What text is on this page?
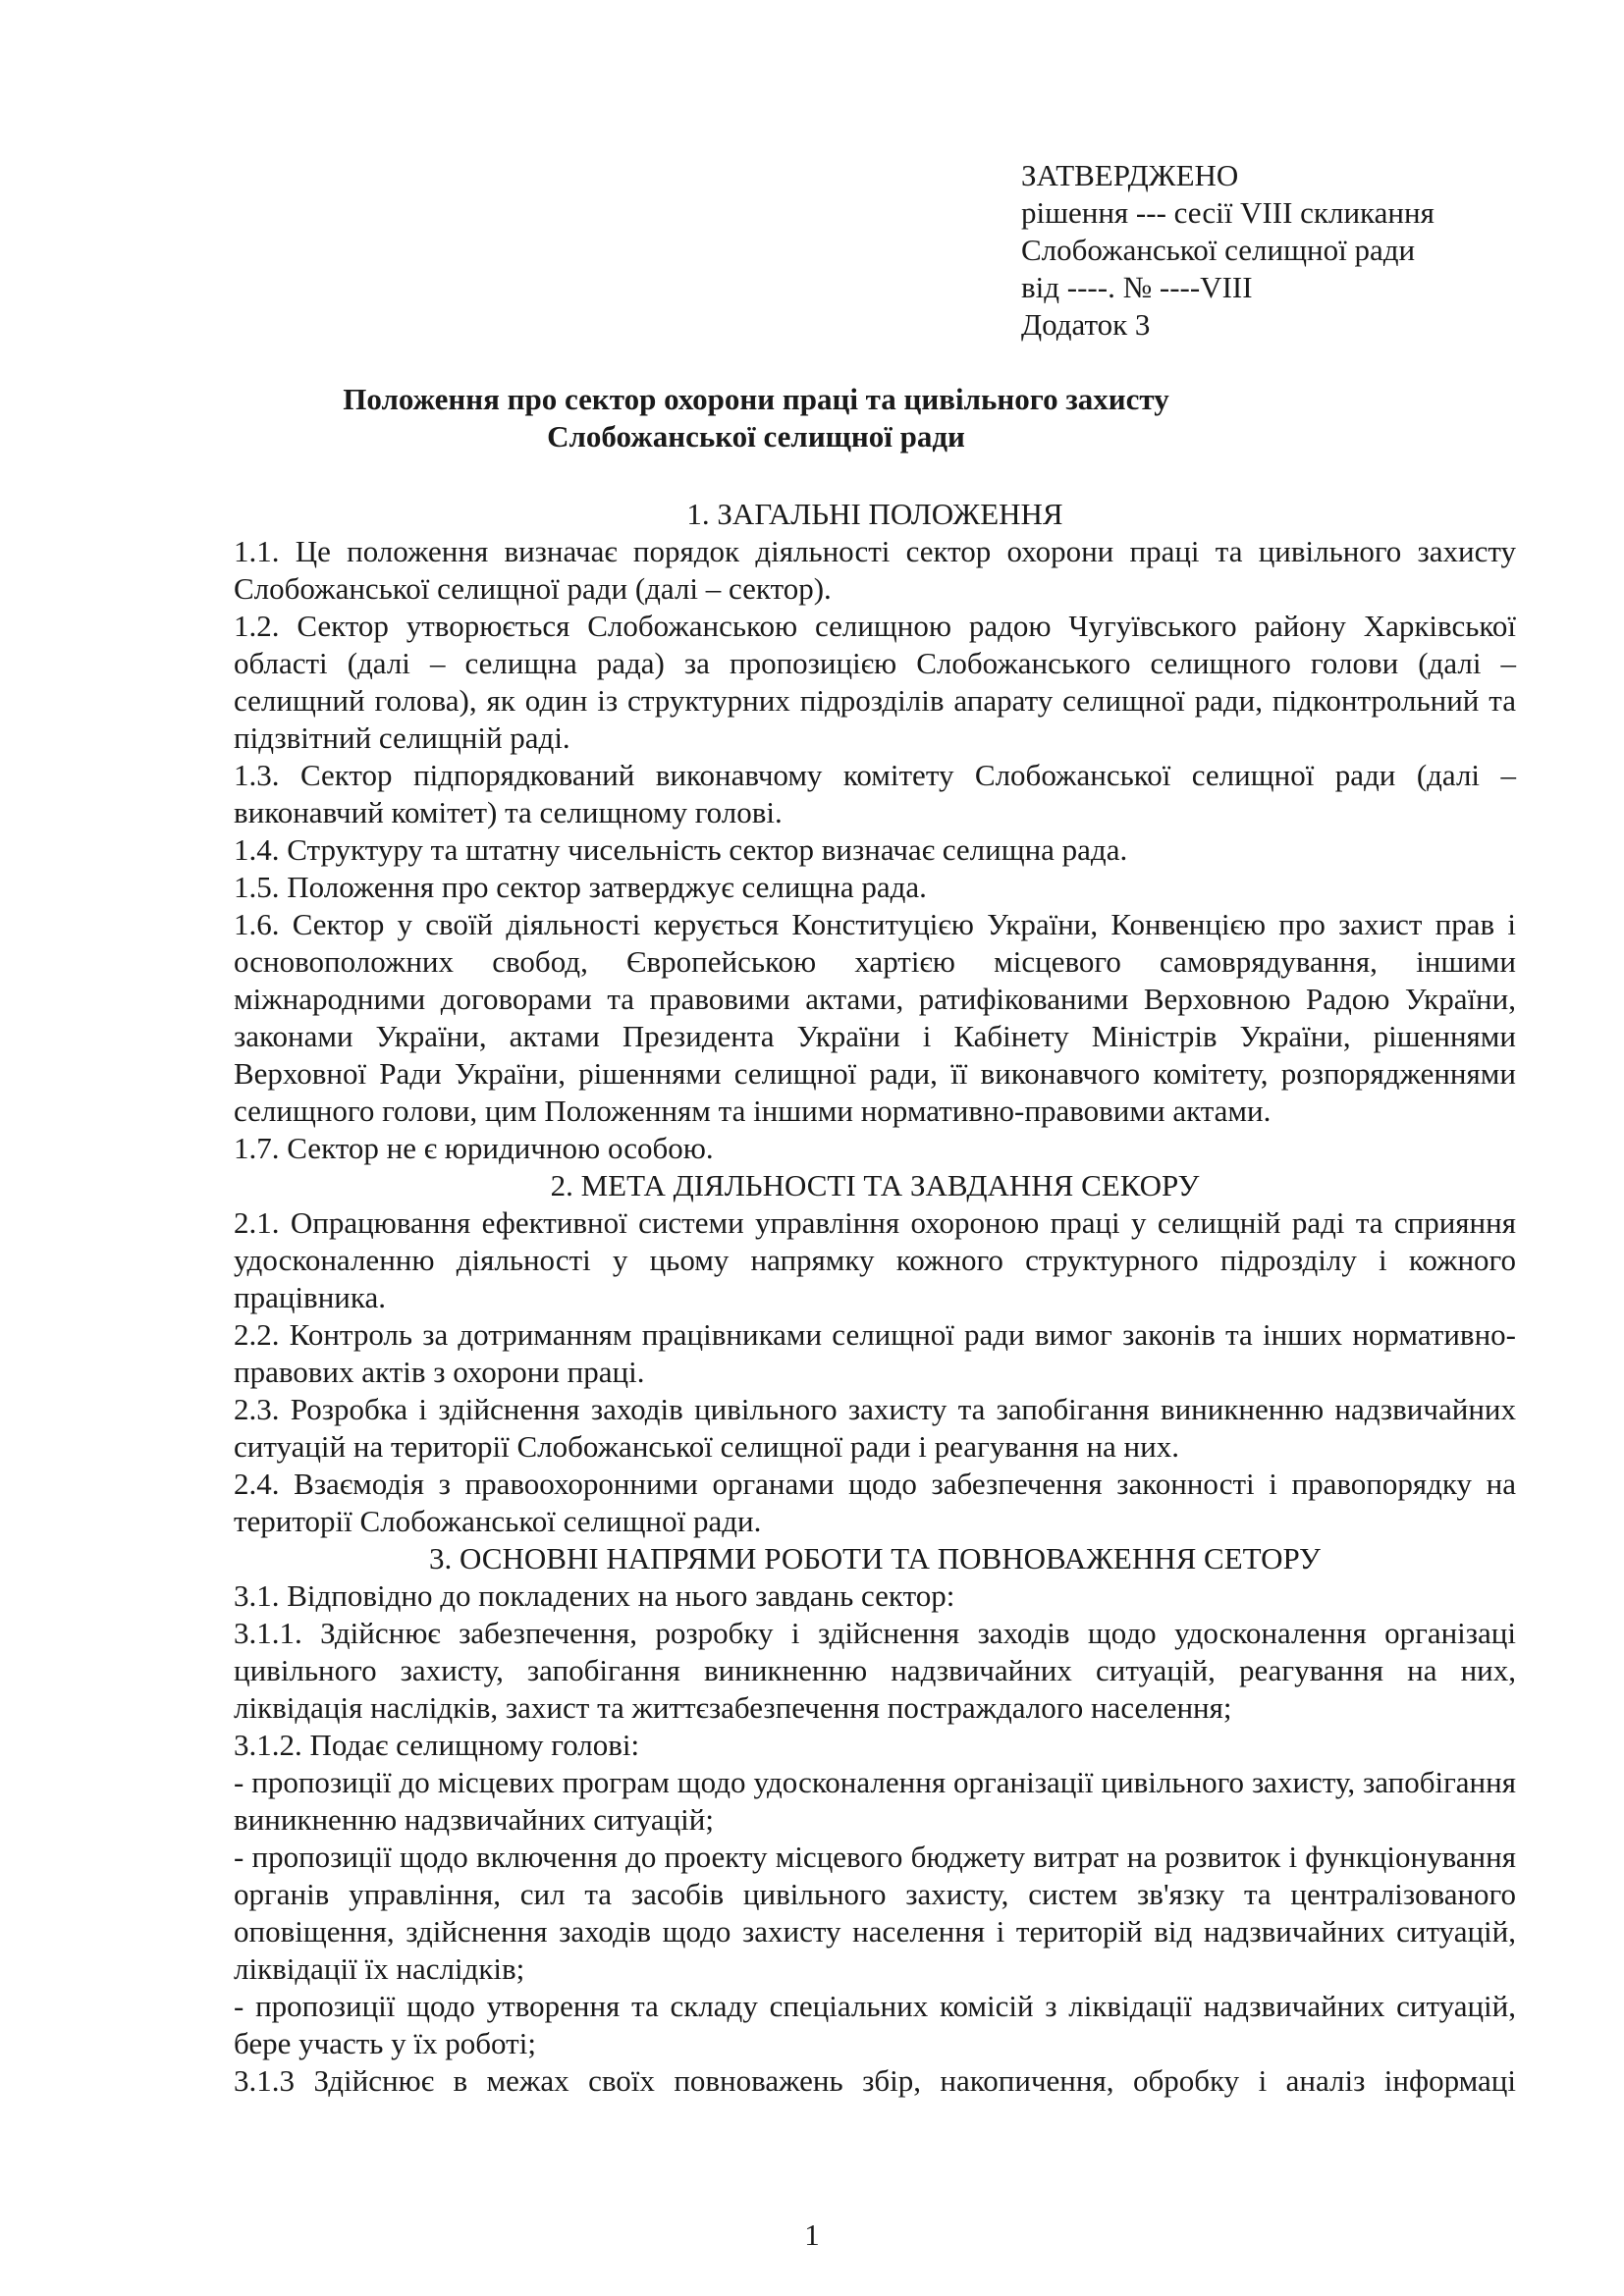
ЗАТВЕРДЖЕНО
рішення --- сесії VIII скликання
Слобожанської селищної ради
від ----. № ----VIII
Додаток 3
Положення про сектор охорони праці та цивільного захисту
Слобожанської селищної ради
1. ЗАГАЛЬНІ ПОЛОЖЕННЯ
1.1. Це положення визначає порядок діяльності сектор охорони праці та цивільного захисту Слобожанської селищної ради (далі – сектор).
1.2. Сектор утворюється Слобожанською селищною радою Чугуївського району Харківської області (далі – селищна рада) за пропозицією Слобожанського селищного голови (далі – селищний голова), як один із структурних підрозділів апарату селищної ради, підконтрольний та підзвітний селищній раді.
1.3. Сектор підпорядкований виконавчому комітету Слобожанської селищної ради (далі – виконавчий комітет) та селищному голові.
1.4. Структуру та штатну чисельність сектор визначає селищна рада.
1.5. Положення про сектор затверджує селищна рада.
1.6. Сектор у своїй діяльності керується Конституцією України, Конвенцією про захист прав і основоположних свобод, Європейською хартією місцевого самоврядування, іншими міжнародними договорами та правовими актами, ратифікованими Верховною Радою України, законами України, актами Президента України і Кабінету Міністрів України, рішеннями Верховної Ради України, рішеннями селищної ради, її виконавчого комітету, розпорядженнями селищного голови, цим Положенням та іншими нормативно-правовими актами.
1.7. Сектор не є юридичною особою.
2. МЕТА ДІЯЛЬНОСТІ ТА ЗАВДАННЯ СЕКОРУ
2.1. Опрацювання ефективної системи управління охороною праці у селищній раді та сприяння удосконаленню діяльності у цьому напрямку кожного структурного підрозділу і кожного працівника.
2.2. Контроль за дотриманням працівниками селищної ради вимог законів та інших нормативно-правових актів з охорони праці.
2.3. Розробка і здійснення заходів цивільного захисту та запобігання виникненню надзвичайних ситуацій на території Слобожанської селищної ради і реагування на них.
2.4. Взаємодія з правоохоронними органами щодо забезпечення законності і правопорядку на території Слобожанської селищної ради.
3. ОСНОВНІ НАПРЯМИ РОБОТИ ТА ПОВНОВАЖЕННЯ СЕТОРУ
3.1. Відповідно до покладених на нього завдань сектор:
3.1.1. Здійснює забезпечення, розробку і здійснення заходів щодо удосконалення організаці цивільного захисту, запобігання виникненню надзвичайних ситуацій, реагування на них, ліквідація наслідків, захист та життєзабезпечення постраждалого населення;
3.1.2. Подає селищному голові:
- пропозиції до місцевих програм щодо удосконалення організації цивільного захисту, запобігання виникненню надзвичайних ситуацій;
- пропозиції щодо включення до проекту місцевого бюджету витрат на розвиток і функціонування органів управління, сил та засобів цивільного захисту, систем зв'язку та централізованого оповіщення, здійснення заходів щодо захисту населення і територій від надзвичайних ситуацій, ліквідації їх наслідків;
- пропозиції щодо утворення та складу спеціальних комісій з ліквідації надзвичайних ситуацій, бере участь у їх роботі;
3.1.3 Здійснює в межах своїх повноважень збір, накопичення, обробку і аналіз інформаці
1
